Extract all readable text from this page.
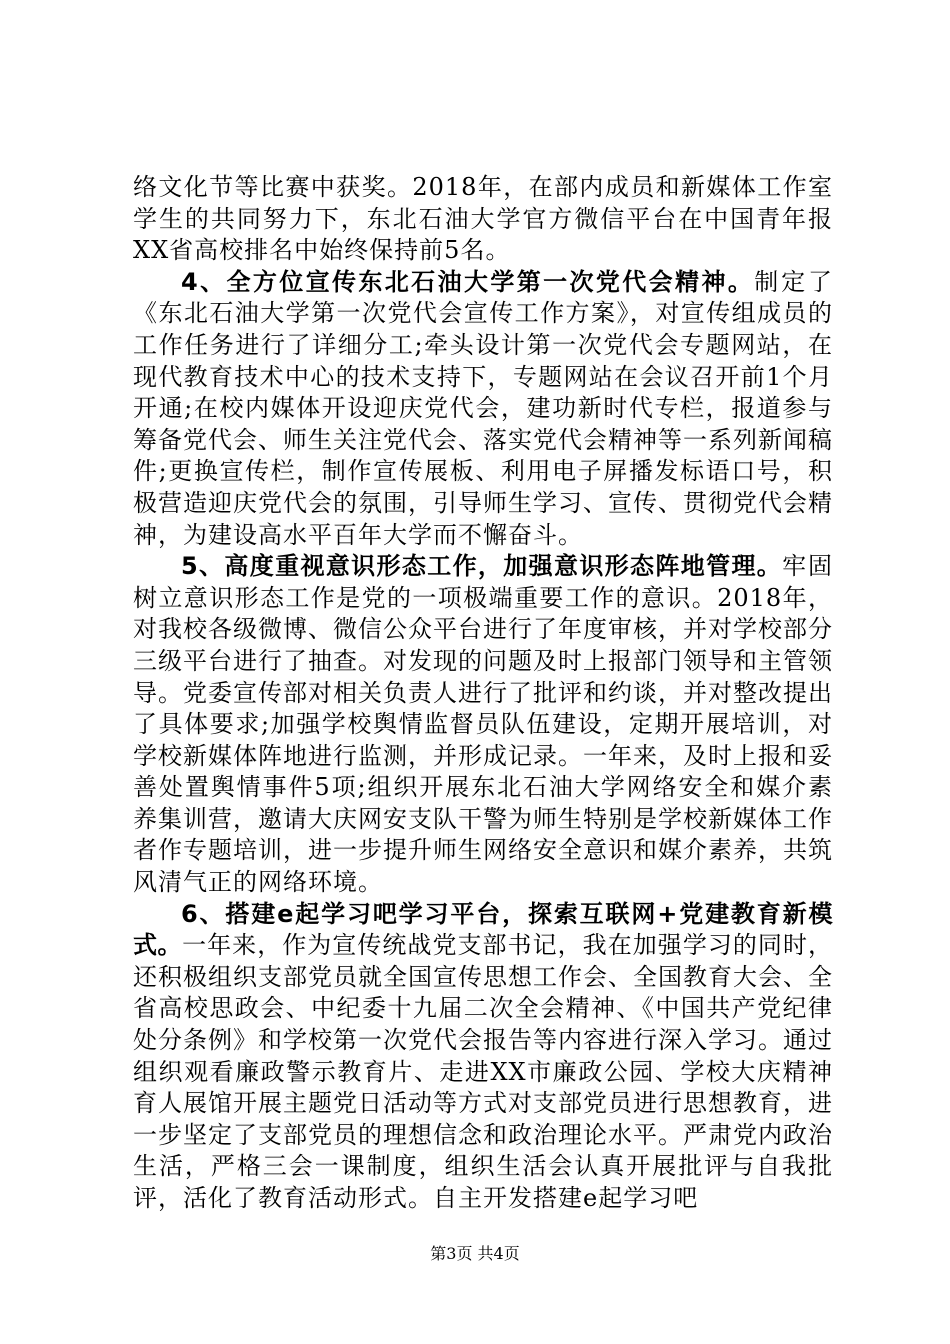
络文化节等比赛中获奖。2018年，在部内成员和新媒体工作室学生的共同努力下，东北石油大学官方微信平台在中国青年报XX省高校排名中始终保持前5名。

4、全方位宣传东北石油大学第一次党代会精神。制定了《东北石油大学第一次党代会宣传工作方案》，对宣传组成员的工作任务进行了详细分工;牵头设计第一次党代会专题网站，在现代教育技术中心的技术支持下，专题网站在会议召开前1个月开通;在校内媒体开设迎庆党代会，建功新时代专栏，报道参与筹备党代会、师生关注党代会、落实党代会精神等一系列新闻稿件;更换宣传栏，制作宣传展板、利用电子屏播发标语口号，积极营造迎庆党代会的氛围，引导师生学习、宣传、贯彻党代会精神，为建设高水平百年大学而不懈奋斗。

5、高度重视意识形态工作，加强意识形态阵地管理。牢固树立意识形态工作是党的一项极端重要工作的意识。2018年，对我校各级微博、微信公众平台进行了年度审核，并对学校部分三级平台进行了抽查。对发现的问题及时上报部门领导和主管领导。党委宣传部对相关负责人进行了批评和约谈，并对整改提出了具体要求;加强学校舆情监督员队伍建设，定期开展培训，对学校新媒体阵地进行监测，并形成记录。一年来，及时上报和妥善处置舆情事件5项;组织开展东北石油大学网络安全和媒介素养集训营，邀请大庆网安支队干警为师生特别是学校新媒体工作者作专题培训，进一步提升师生网络安全意识和媒介素养，共筑风清气正的网络环境。

6、搭建e起学习吧学习平台，探索互联网+党建教育新模式。一年来，作为宣传统战党支部书记，我在加强学习的同时，还积极组织支部党员就全国宣传思想工作会、全国教育大会、全省高校思政会、中纪委十九届二次全会精神、《中国共产党纪律处分条例》和学校第一次党代会报告等内容进行深入学习。通过组织观看廉政警示教育片、走进XX市廉政公园、学校大庆精神育人展馆开展主题党日活动等方式对支部党员进行思想教育，进一步坚定了支部党员的理想信念和政治理论水平。严肃党内政治生活，严格三会一课制度，组织生活会认真开展批评与自我批评，活化了教育活动形式。自主开发搭建e起学习吧

第3页 共4页
